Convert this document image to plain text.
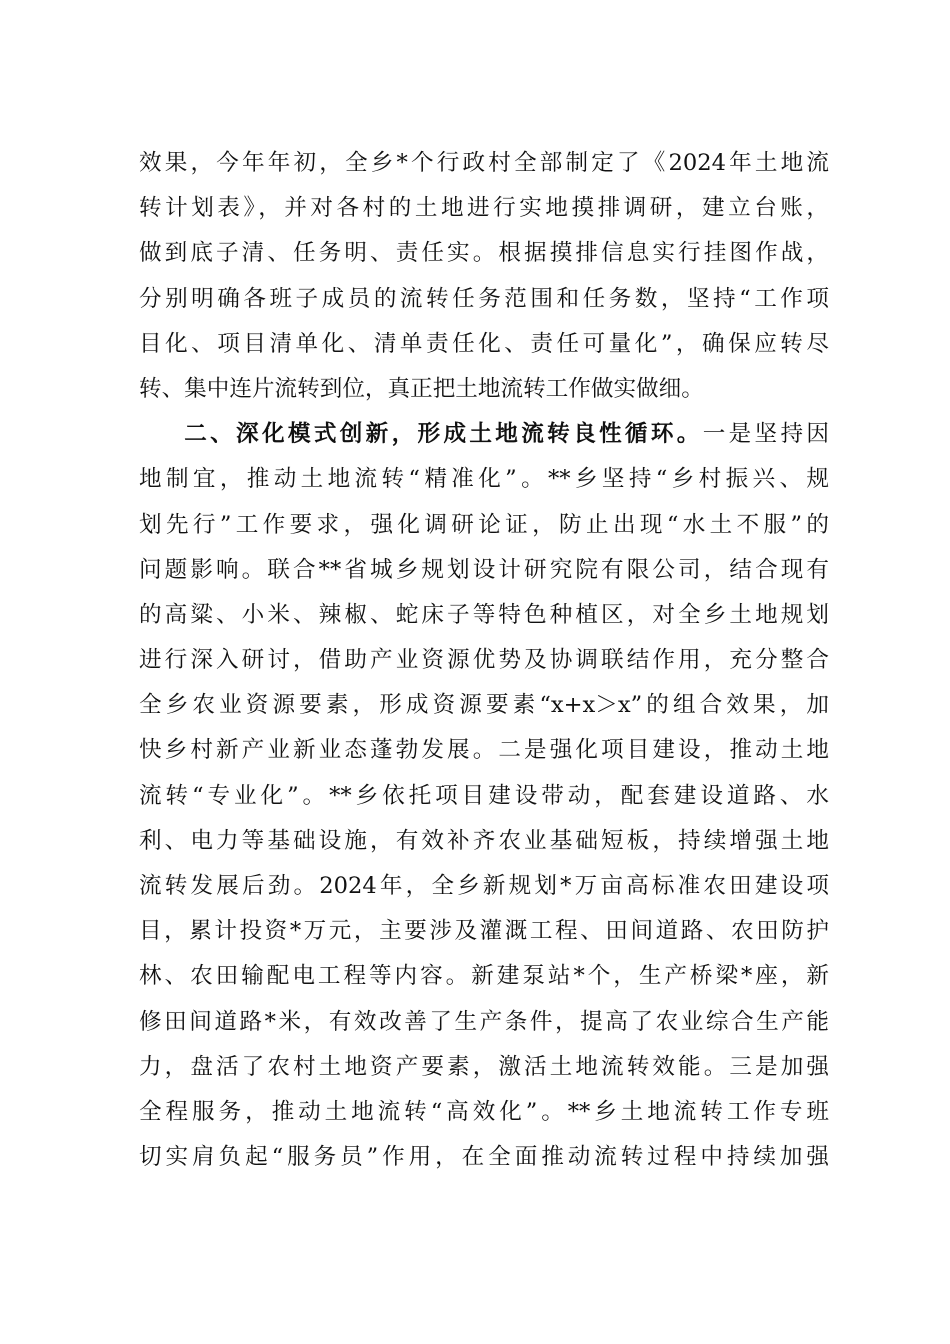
效果，今年年初，全乡*个行政村全部制定了《2024年土地流
转计划表》，并对各村的土地进行实地摸排调研，建立台账，
做到底子清、任务明、责任实。根据摸排信息实行挂图作战，
分别明确各班子成员的流转任务范围和任务数，坚持“工作项
目化、项目清单化、清单责任化、责任可量化”，确保应转尽
转、集中连片流转到位，真正把土地流转工作做实做细。
二、深化模式创新，形成土地流转良性循环。一是坚持因
地制宜，推动土地流转“精准化”。**乡坚持“乡村振兴、规
划先行”工作要求，强化调研论证，防止出现“水土不服”的
问题影响。联合**省城乡规划设计研究院有限公司，结合现有
的高粱、小米、辣椒、蛇床子等特色种植区，对全乡土地规划
进行深入研讨，借助产业资源优势及协调联结作用，充分整合
全乡农业资源要素，形成资源要素“x+x＞x”的组合效果，加
快乡村新产业新业态蓬勃发展。二是强化项目建设，推动土地
流转“专业化”。**乡依托项目建设带动，配套建设道路、水
利、电力等基础设施，有效补齐农业基础短板，持续增强土地
流转发展后劲。2024年，全乡新规划*万亩高标准农田建设项
目，累计投资*万元，主要涉及灌溉工程、田间道路、农田防护
林、农田输配电工程等内容。新建泵站*个，生产桥梁*座，新
修田间道路*米，有效改善了生产条件，提高了农业综合生产能
力，盘活了农村土地资产要素，激活土地流转效能。三是加强
全程服务，推动土地流转“高效化”。**乡土地流转工作专班
切实肩负起“服务员”作用，在全面推动流转过程中持续加强
